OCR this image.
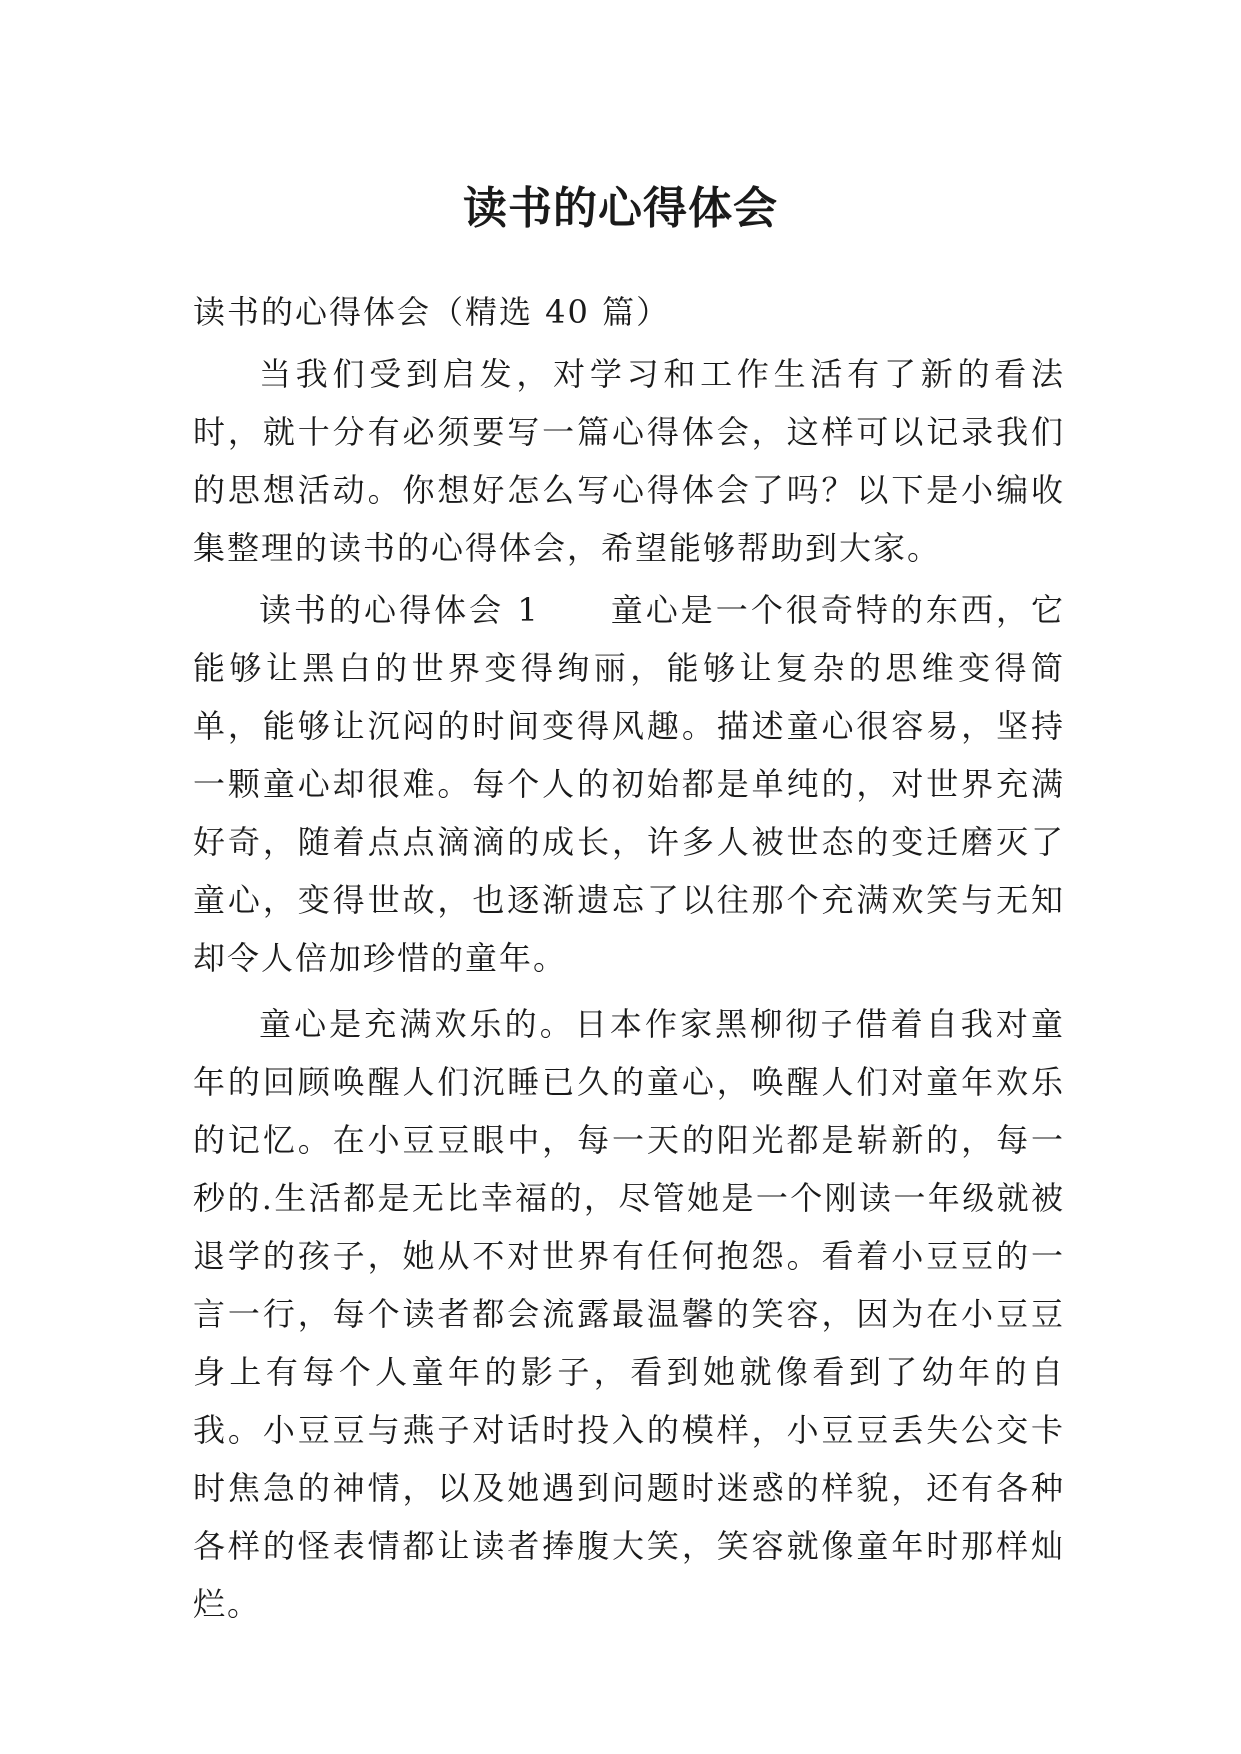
读书的心得体会

读书的心得体会（精选 40 篇）

当我们受到启发，对学习和工作生活有了新的看法时，就十分有必须要写一篇心得体会，这样可以记录我们的思想活动。你想好怎么写心得体会了吗？以下是小编收集整理的读书的心得体会，希望能够帮助到大家。

读书的心得体会 1　　童心是一个很奇特的东西，它能够让黑白的世界变得绚丽，能够让复杂的思维变得简单，能够让沉闷的时间变得风趣。描述童心很容易，坚持一颗童心却很难。每个人的初始都是单纯的，对世界充满好奇，随着点点滴滴的成长，许多人被世态的变迁磨灭了童心，变得世故，也逐渐遗忘了以往那个充满欢笑与无知却令人倍加珍惜的童年。

童心是充满欢乐的。日本作家黑柳彻子借着自我对童年的回顾唤醒人们沉睡已久的童心，唤醒人们对童年欢乐的记忆。在小豆豆眼中，每一天的阳光都是崭新的，每一秒的.生活都是无比幸福的，尽管她是一个刚读一年级就被退学的孩子，她从不对世界有任何抱怨。看着小豆豆的一言一行，每个读者都会流露最温馨的笑容，因为在小豆豆身上有每个人童年的影子，看到她就像看到了幼年的自我。小豆豆与燕子对话时投入的模样，小豆豆丢失公交卡时焦急的神情，以及她遇到问题时迷惑的样貌，还有各种各样的怪表情都让读者捧腹大笑，笑容就像童年时那样灿烂。
